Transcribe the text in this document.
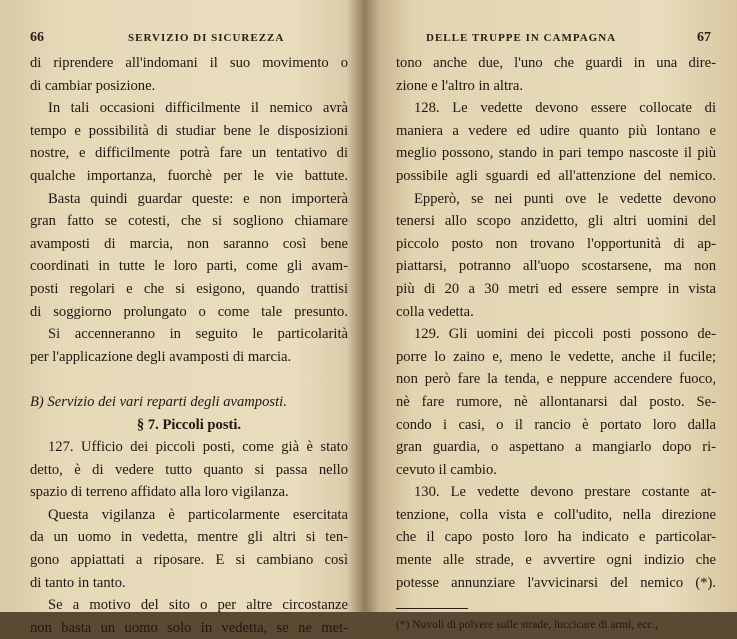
66	SERVIZIO DI SICUREZZA
di riprendere all'indomani il suo movimento o
di cambiar posizione.
In tali occasioni difficilmente il nemico avrà
tempo e possibilità di studiar bene le disposizioni
nostre, e difficilmente potrà fare un tentativo di
qualche importanza, fuorchè per le vie battute.
Basta quindi guardar queste: e non importerà
gran fatto se cotesti, che si sogliono chiamare
avamposti di marcia, non saranno così bene
coordinati in tutte le loro parti, come gli avam-
posti regolari e che si esigono, quando trattisi
di soggiorno prolungato o come tale presunto.
Si accenneranno in seguito le particolarità
per l'applicazione degli avamposti di marcia.
B) Servizio dei vari reparti degli avamposti.
§ 7. Piccoli posti.
127. Ufficio dei piccoli posti, come già è stato
detto, è di vedere tutto quanto si passa nello
spazio di terreno affidato alla loro vigilanza.
Questa vigilanza è particolarmente esercitata
da un uomo in vedetta, mentre gli altri si ten-
gono appiattati a riposare. E si cambiano così
di tanto in tanto.
Se a motivo del sito o per altre circostanze
non basta un uomo solo in vedetta, se ne met-
DELLE TRUPPE IN CAMPAGNA	67
tono anche due, l'uno che guardi in una dire-
zione e l'altro in altra.
128. Le vedette devono essere collocate di
maniera a vedere ed udire quanto più lontano e
meglio possono, stando in pari tempo nascoste il più
possibile agli sguardi ed all'attenzione del nemico.
Epperò, se nei punti ove le vedette devono
tenersi allo scopo anzidetto, gli altri uomini del
piccolo posto non trovano l'opportunità di ap-
piattarsi, potranno all'uopo scostarsene, ma non
più di 20 a 30 metri ed essere sempre in vista
colla vedetta.
129. Gli uomini dei piccoli posti possono de-
porre lo zaino e, meno le vedette, anche il fucile;
non però fare la tenda, e neppure accendere fuoco,
nè fare rumore, nè allontanarsi dal posto. Se-
condo i casi, o il rancio è portato loro dalla
gran guardia, o aspettano a mangiarlo dopo ri-
cevuto il cambio.
130. Le vedette devono prestare costante at-
tenzione, colla vista e coll'udito, nella direzione
che il capo posto loro ha indicato e particolar-
mente alle strade, e avvertire ogni indizio che
potesse annunziare l'avvicinarsi del nemico (*).
(*) Nuvoli di polvere sulle strade, luccicare di armi, ecc.,
